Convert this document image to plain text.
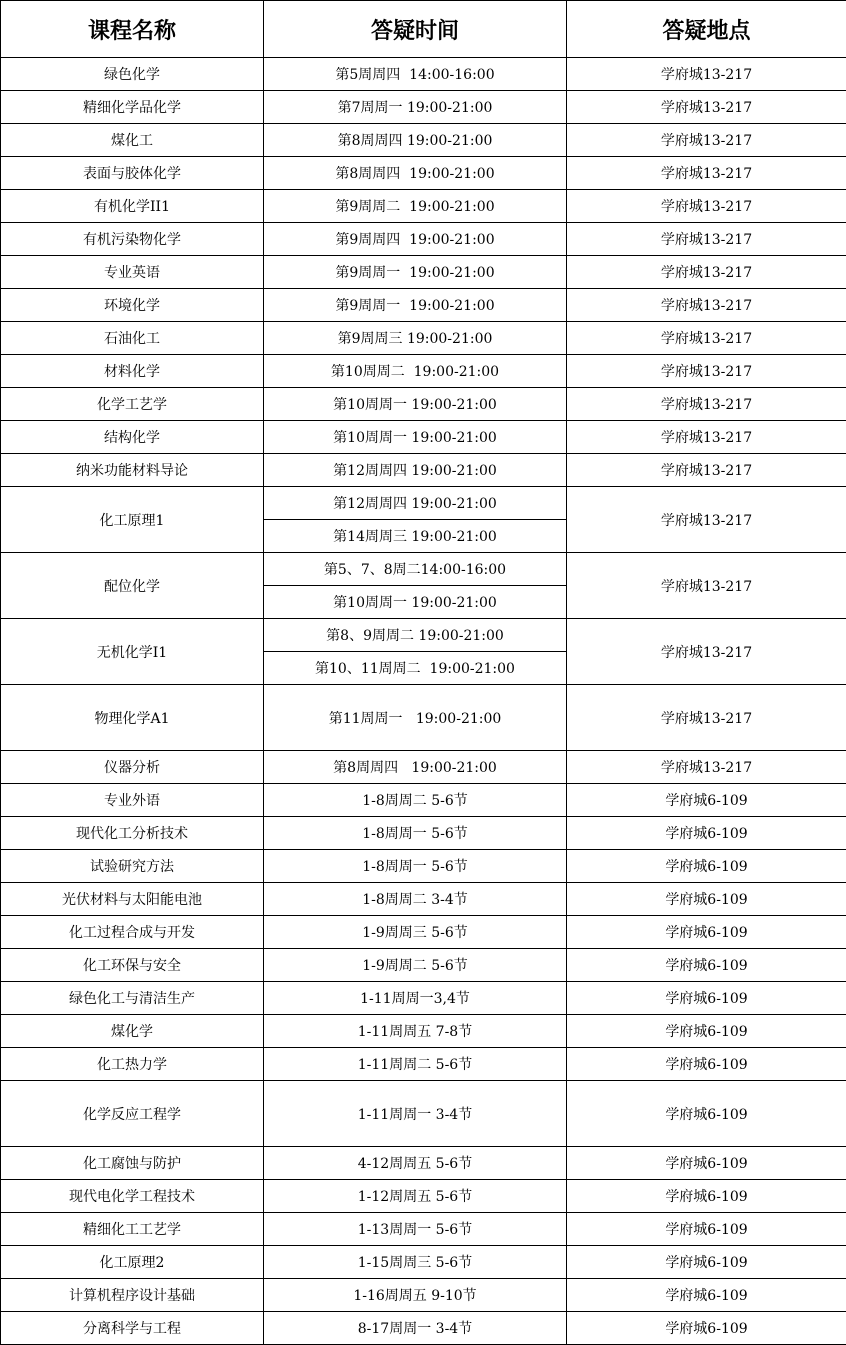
课程名称	答疑时间	答疑地点
绿色化学	第5周周四  14:00-16:00	学府城13-217
精细化学品化学	第7周周一 19:00-21:00	学府城13-217
煤化工	第8周周四 19:00-21:00	学府城13-217
表面与胶体化学	第8周周四  19:00-21:00	学府城13-217
有机化学II1	第9周周二  19:00-21:00	学府城13-217
有机污染物化学	第9周周四  19:00-21:00	学府城13-217
专业英语	第9周周一  19:00-21:00	学府城13-217
环境化学	第9周周一  19:00-21:00	学府城13-217
石油化工	第9周周三 19:00-21:00	学府城13-217
材料化学	第10周周二  19:00-21:00	学府城13-217
化学工艺学	第10周周一 19:00-21:00	学府城13-217
结构化学	第10周周一 19:00-21:00	学府城13-217
纳米功能材料导论	第12周周四 19:00-21:00	学府城13-217
化工原理1	第12周周四 19:00-21:00	学府城13-217
	第14周周三 19:00-21:00	
配位化学	第5、7、8周二14:00-16:00	学府城13-217
	第10周周一 19:00-21:00	
无机化学I1	第8、9周周二 19:00-21:00	学府城13-217
	第10、11周周二  19:00-21:00	
物理化学A1	第11周周一   19:00-21:00	学府城13-217
仪器分析	第8周周四   19:00-21:00	学府城13-217
专业外语	1-8周周二 5-6节	学府城6-109
现代化工分析技术	1-8周周一 5-6节	学府城6-109
试验研究方法	1-8周周一 5-6节	学府城6-109
光伏材料与太阳能电池	1-8周周二 3-4节	学府城6-109
化工过程合成与开发	1-9周周三 5-6节	学府城6-109
化工环保与安全	1-9周周二 5-6节	学府城6-109
绿色化工与清洁生产	1-11周周一3,4节	学府城6-109
煤化学	1-11周周五 7-8节	学府城6-109
化工热力学	1-11周周二 5-6节	学府城6-109
化学反应工程学	1-11周周一 3-4节	学府城6-109
化工腐蚀与防护	4-12周周五 5-6节	学府城6-109
现代电化学工程技术	1-12周周五 5-6节	学府城6-109
精细化工工艺学	1-13周周一 5-6节	学府城6-109
化工原理2	1-15周周三 5-6节	学府城6-109
计算机程序设计基础	1-16周周五 9-10节	学府城6-109
分离科学与工程	8-17周周一 3-4节	学府城6-109
